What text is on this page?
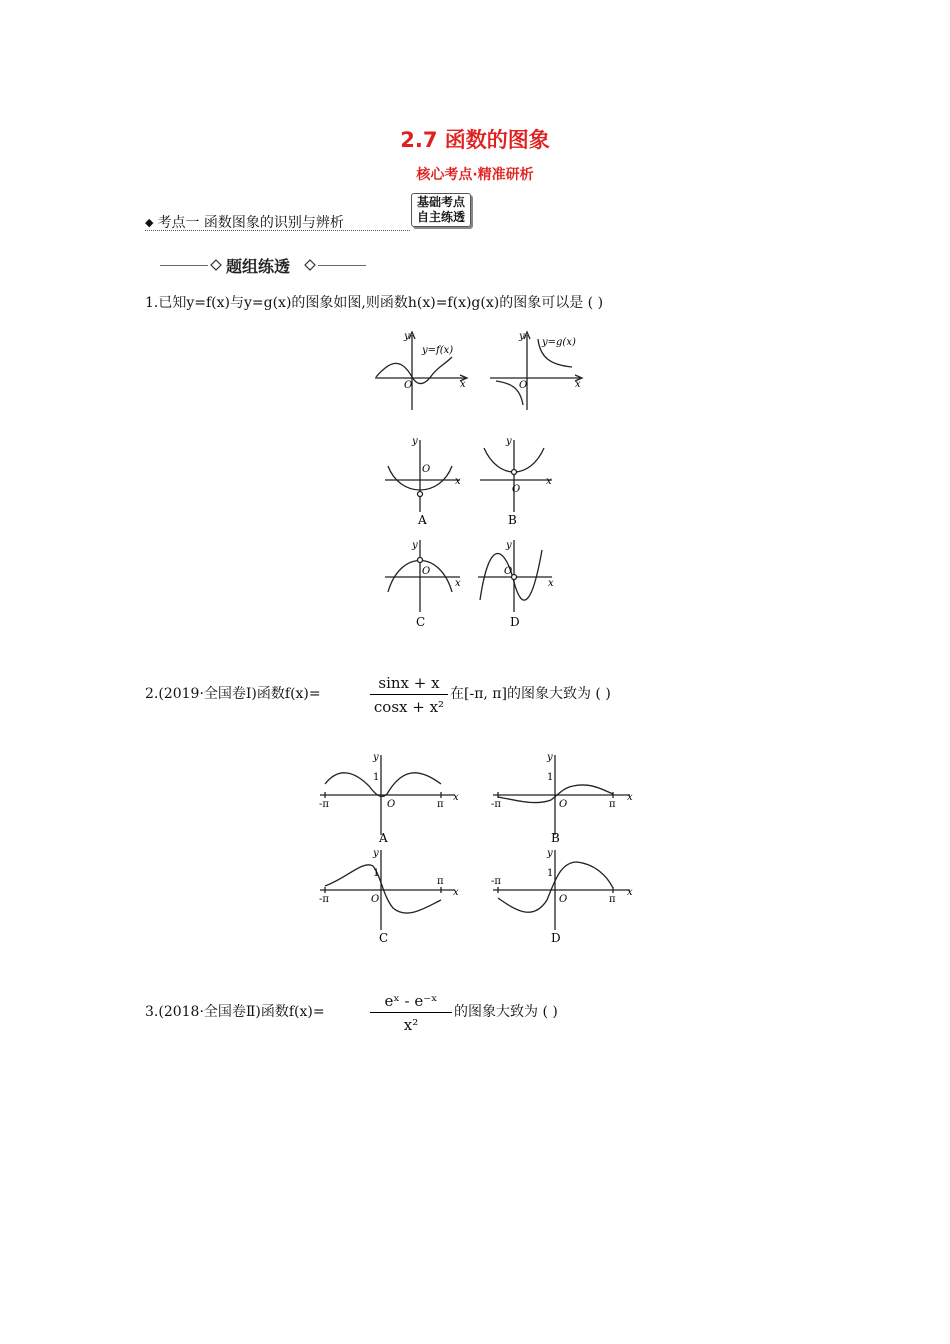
2.7 函数的图象
核心考点·精准研析
◆ 考点一 函数图象的识别与辨析
基础考点
自主练透
题组练透
1.已知y=f(x)与y=g(x)的图象如图,则函数h(x)=f(x)g(x)的图象可以是 ( )
y
O	x
y=f(x)
y
O	x
y=g(x)
y
O
x
y
O
x
y
O
x
y
O
x
A	B
C	D
2.(2019·全国卷Ⅰ)函数f(x)=	$\frac{\sin x + x}{\text{cosx + x²}}$ 在[-π, π]的图象大致为 ( )
y
1
-π	π
O
x
y
1
-π	π
O
x
y
1
-π
π
O
x
y
1
-π
π
O
x
A	B
C	D
3.(2018·全国卷Ⅱ)函数f(x)=	$\frac{\text{eˣ - e⁻ˣ}}{\text{x²}}$ 的图象大致为 ( )
